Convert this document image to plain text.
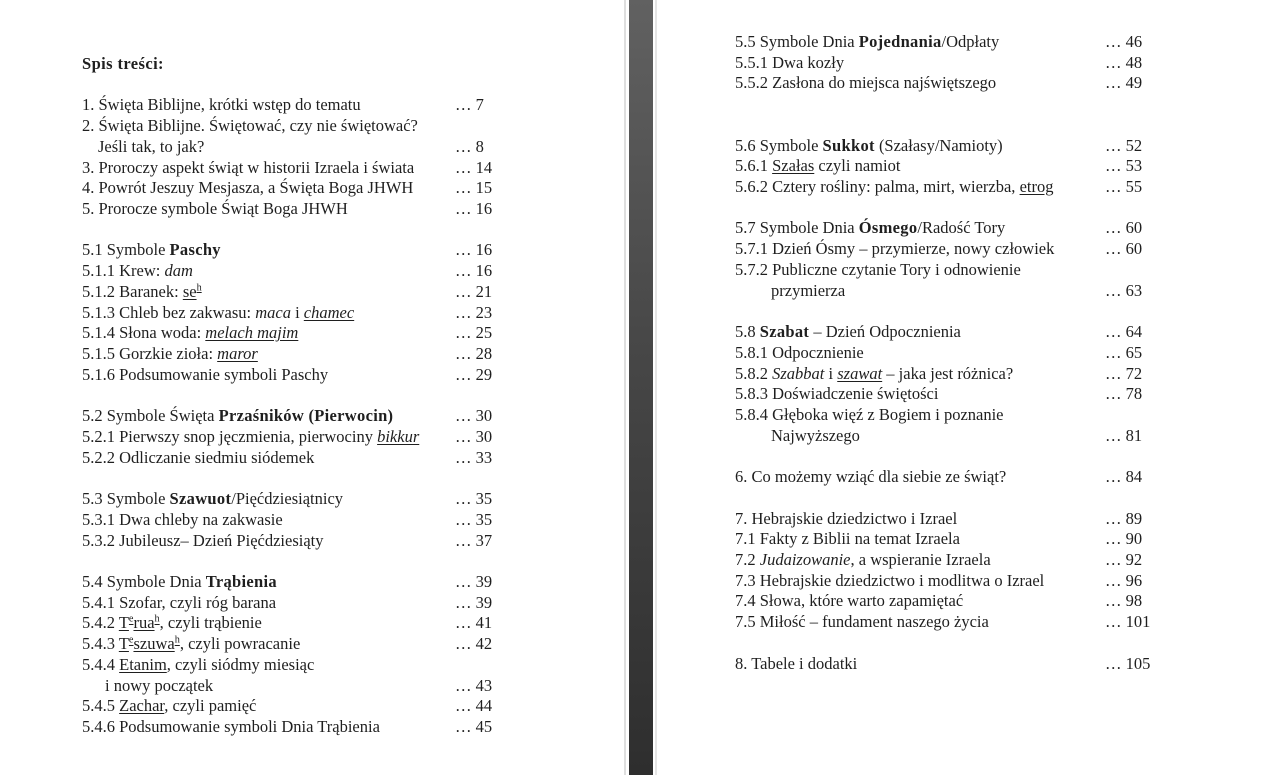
Spis treści:
1. Święta Biblijne, krótki wstęp do tematu	… 7
2. Święta Biblijne. Świętować, czy nie świętować?
Jeśli tak, to jak?	… 8
3. Proroczy aspekt świąt w historii Izraela i świata … 14
4. Powrót Jeszuy Mesjasza, a Święta Boga JHWH	… 15
5. Prorocze symbole Świąt Boga JHWH	… 16
5.1 Symbole Paschy	… 16
5.1.1 Krew: dam	… 16
5.1.2 Baranek: $se^h$	… 21
5.1.3 Chleb bez zakwasu: maca i chamec	… 23
5.1.4 Słona woda: melach majim	… 25
5.1.5 Gorzkie zioła: maror	… 28
5.1.6 Podsumowanie symboli Paschy	… 29
5.2 Symbole Święta Przaśników (Pierwocin)	… 30
5.2.1 Pierwszy snop jęczmienia, pierwociny bikkur … 30
5.2.2 Odliczanie siedmiu siódemek	… 33
5.3 Symbole Szawuot/Pięćdziesiątnicy	… 35
5.3.1 Dwa chleby na zakwasie	… 35
5.3.2 Jubileusz– Dzień Pięćdziesiąty	… 37
5.4 Symbole Dnia Trąbienia	… 39
5.4.1 Szofar, czyli róg barana	… 39
5.4.2 $T^erua^h$, czyli trąbienie	… 41
5.4.3 $T^eszuwa^h$, czyli powracanie	… 42
5.4.4 Etanim, czyli siódmy miesiąc
i nowy początek	… 43
5.4.5 Zachar, czyli pamięć	… 44
5.4.6 Podsumowanie symboli Dnia Trąbienia	… 45
5.5 Symbole Dnia Pojednania/Odpłaty	… 46
5.5.1 Dwa kozły	… 48
5.5.2 Zasłona do miejsca najświętszego	… 49
5.6 Symbole Sukkot (Szałasy/Namioty)	… 52
5.6.1 Szałas czyli namiot	… 53
5.6.2 Cztery rośliny: palma, mirt, wierzba, etrog	… 55
5.7 Symbole Dnia Ósmego/Radość Tory	… 60
5.7.1 Dzień Ósmy – przymierze, nowy człowiek	… 60
5.7.2 Publiczne czytanie Tory i odnowienie
przymierza	… 63
5.8 Szabat – Dzień Odpocznienia	… 64
5.8.1 Odpocznienie	… 65
5.8.2 Szabbat i szawat – jaka jest różnica?	… 72
5.8.3 Doświadczenie świętości	… 78
5.8.4 Głęboka więź z Bogiem i poznanie
Najwyższego	… 81
6. Co możemy wziąć dla siebie ze świąt?	… 84
7. Hebrajskie dziedzictwo i Izrael	… 89
7.1 Fakty z Biblii na temat Izraela	… 90
7.2 Judaizowanie, a wspieranie Izraela	… 92
7.3 Hebrajskie dziedzictwo i modlitwa o Izrael	… 96
7.4 Słowa, które warto zapamiętać	… 98
7.5 Miłość – fundament naszego życia	… 101
8. Tabele i dodatki	… 105
